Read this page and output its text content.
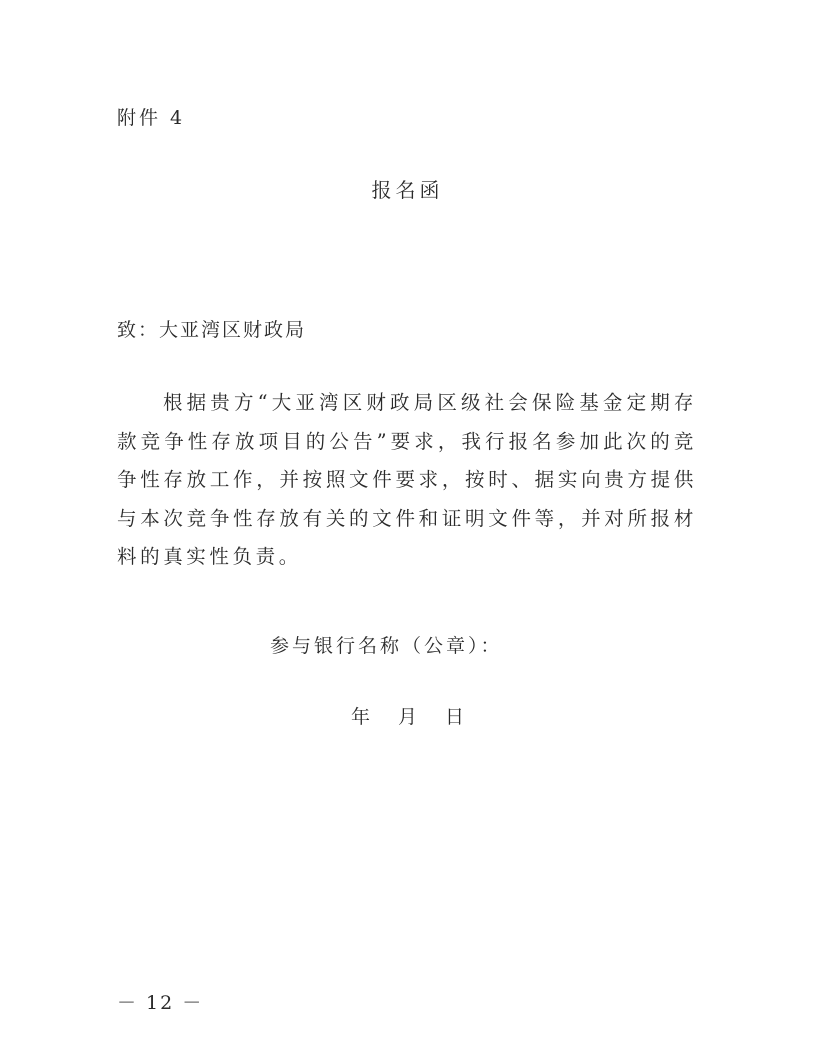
附件 4
报名函
致：大亚湾区财政局

根据贵方“大亚湾区财政局区级社会保险基金定期存款竞争性存放项目的公告”要求，我行报名参加此次的竞争性存放工作，并按照文件要求，按时、据实向贵方提供与本次竞争性存放有关的文件和证明文件等，并对所报材料的真实性负责。

参与银行名称（公章）：
年 月 日
－ 12 －
